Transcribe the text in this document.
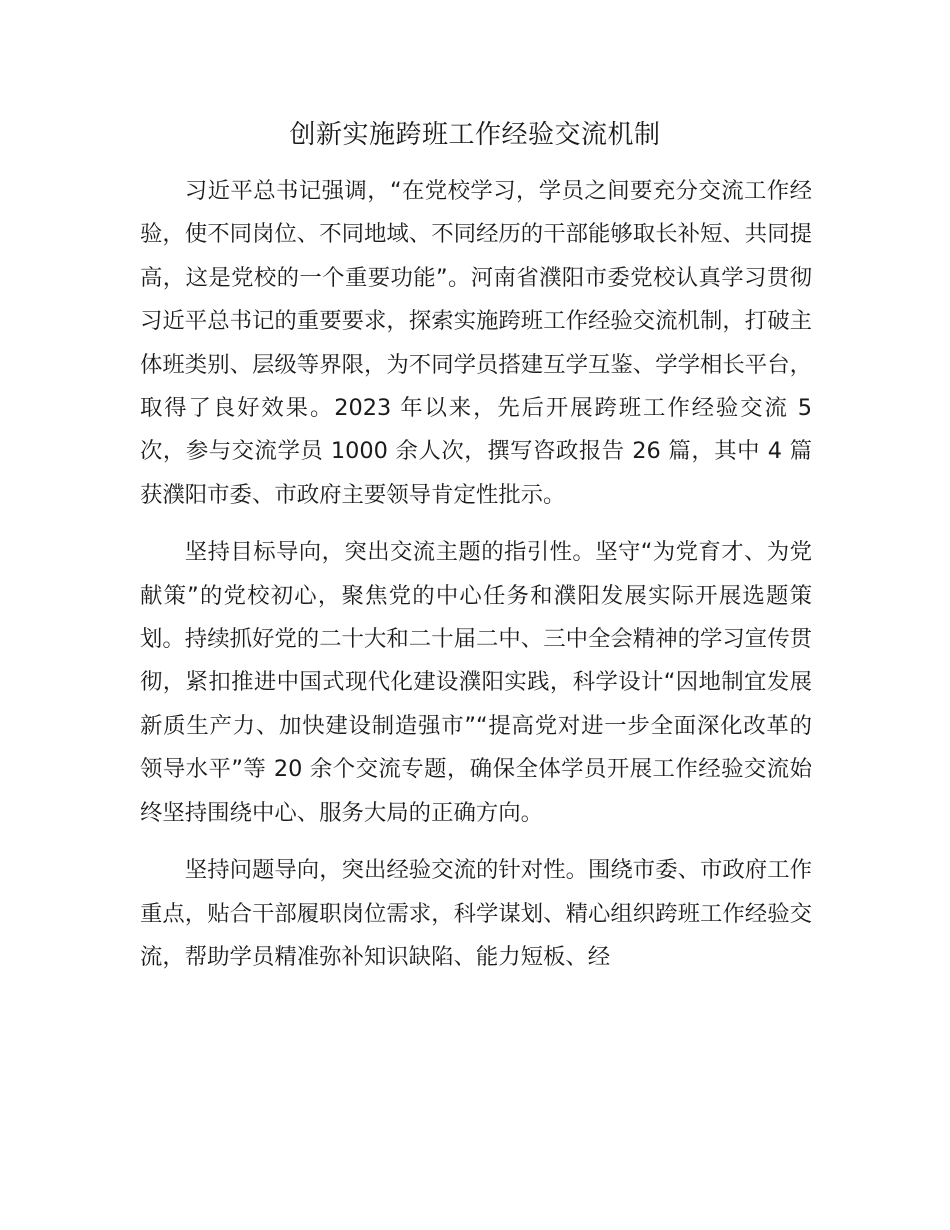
创新实施跨班工作经验交流机制

习近平总书记强调，“在党校学习，学员之间要充分交流工作经验，使不同岗位、不同地域、不同经历的干部能够取长补短、共同提高，这是党校的一个重要功能”。河南省濮阳市委党校认真学习贯彻习近平总书记的重要要求，探索实施跨班工作经验交流机制，打破主体班类别、层级等界限，为不同学员搭建互学互鉴、学学相长平台，取得了良好效果。2023 年以来，先后开展跨班工作经验交流 5 次，参与交流学员 1000 余人次，撰写咨政报告 26 篇，其中 4 篇获濮阳市委、市政府主要领导肯定性批示。

坚持目标导向，突出交流主题的指引性。坚守“为党育才、为党献策”的党校初心，聚焦党的中心任务和濮阳发展实际开展选题策划。持续抓好党的二十大和二十届二中、三中全会精神的学习宣传贯彻，紧扣推进中国式现代化建设濮阳实践，科学设计“因地制宜发展新质生产力、加快建设制造强市”“提高党对进一步全面深化改革的领导水平”等 20 余个交流专题，确保全体学员开展工作经验交流始终坚持围绕中心、服务大局的正确方向。

坚持问题导向，突出经验交流的针对性。围绕市委、市政府工作重点，贴合干部履职岗位需求，科学谋划、精心组织跨班工作经验交流，帮助学员精准弥补知识缺陷、能力短板、经
